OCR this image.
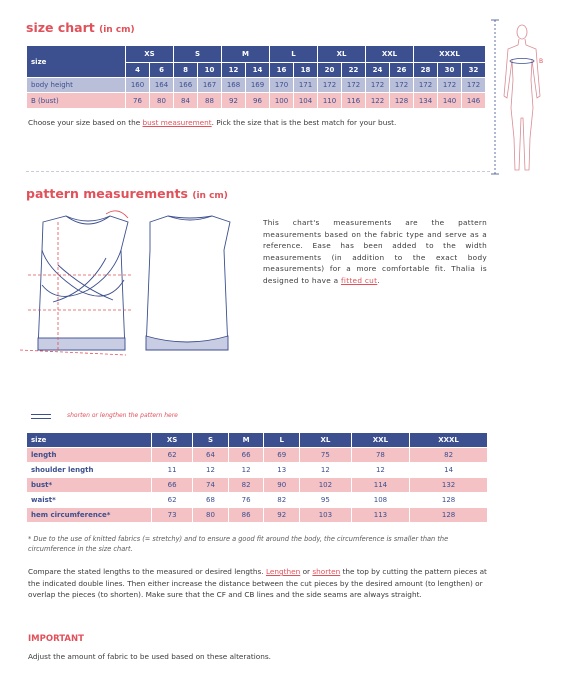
size chart (in cm)
size	XS		S		M		L		XL		XXL		XXXL		
	4	6	8	10	12	14	16	18	20	22	24	26	28	30	32
body height	160	164	166	167	168	169	170	171	172	172	172	172	172	172	172
B (bust)	76	80	84	88	92	96	100	104	110	116	122	128	134	140	146
Choose your size based on the bust measurement. Pick the size that is the best match for your bust.
B
pattern measurements (in cm)
This chart's measurements are the pattern measurements based on the fabric type and serve as a reference. Ease has been added to the width measurements (in addition to the exact body measurements) for a more comfortable fit. Thalia is designed to have a fitted cut.
shorten or lengthen the pattern here
size	XS	S	M	L	XL	XXL	XXXL
length	62	64	66	69	75	78	82
shoulder length	11	12	12	13	12	12	14
bust*	66	74	82	90	102	114	132
waist*	62	68	76	82	95	108	128
hem circumference*	73	80	86	92	103	113	128
* Due to the use of knitted fabrics (= stretchy) and to ensure a good fit around the body, the circumference is smaller than the circumference in the size chart.
Compare the stated lengths to the measured or desired lengths. Lengthen or shorten the top by cutting the pattern pieces at the indicated double lines. Then either increase the distance between the cut pieces by the desired amount (to lengthen) or overlap the pieces (to shorten). Make sure that the CF and CB lines and the side seams are always straight.
IMPORTANT
Adjust the amount of fabric to be used based on these alterations.
